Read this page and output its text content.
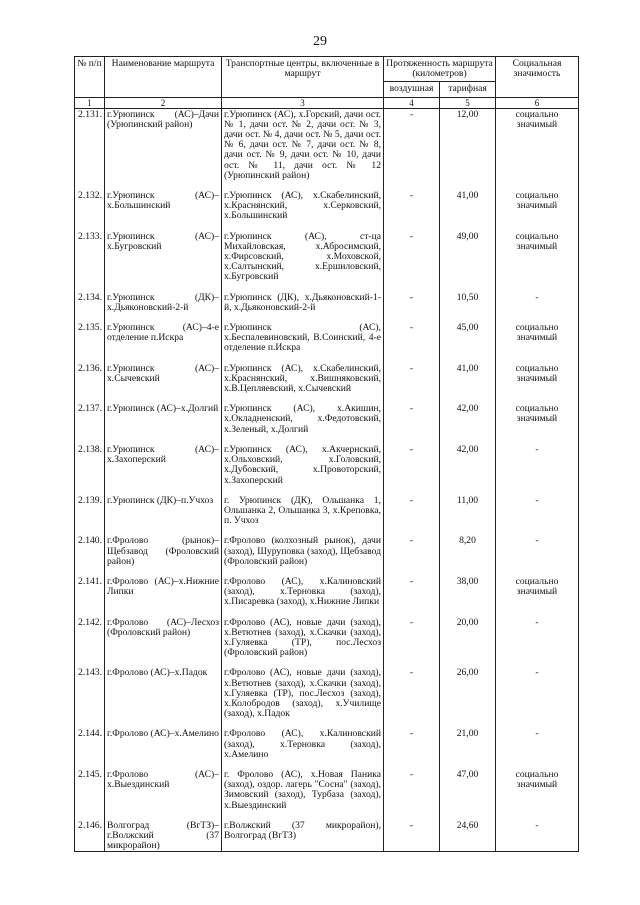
29
№ п/п	Наименование маршрута	Транспортные центры, включенные в маршрут	Протяженность маршрута (километров)		Социальная значимость
			воздушная	тарифная	
1	2	3	4	5	6
2.131.	г.Урюпинск (АС)–Дачи (Урюпинский район)	г.Урюпинск (АС), х.Горский, дачи ост. № 1, дачи ост. № 2, дачи ост. № 3, дачи ост. № 4, дачи ост. № 5, дачи ост. № 6, дачи ост. № 7, дачи ост. № 8, дачи ост. № 9, дачи ост. № 10, дачи ост. № 11, дачи ост. № 12 (Урюпинский район)	-	12,00	социально значимый

2.132.	г.Урюпинск (АС)–х.Большинский	г.Урюпинск (АС), х.Скабелинский, х.Краснянский, х.Серковский, х.Большинский	-	41,00	социально значимый

2.133.	г.Урюпинск (АС)–х.Бугровский	г.Урюпинск (АС), ст-ца Михайловская, х.Абросимский, х.Фирсовский, х.Моховской, х.Салтынский, х.Ершиловский, х.Бугровский	-	49,00	социально значимый

2.134.	г.Урюпинск (ДК)–х.Дьяконовский-2-й	г.Урюпинск (ДК), х.Дьяконовский-1-й, х.Дьяконовский-2-й	-	10,50	-

2.135.	г.Урюпинск (АС)–4-е отделение п.Искра	г.Урюпинск (АС), х.Беспалевиновский, В.Соинский, 4-е отделение п.Искра	-	45,00	социально значимый

2.136.	г.Урюпинск (АС)–х.Сычевский	г.Урюпинск (АС), х.Скабелинский, х.Краснянский, х.Вишняковский, х.В.Цепляевский, х.Сычевский	-	41,00	социально значимый

2.137.	г.Урюпинск (АС)–х.Долгий	г.Урюпинск (АС), х.Акишин, х.Окладненский, х.Федотовский, х.Зеленый, х.Долгий	-	42,00	социально значимый

2.138.	г.Урюпинск (АС)–х.Захоперский	г.Урюпинск (АС), х.Акчернский, х.Ольховский, х.Головский, х.Дубовский, х.Провоторский, х.Захоперский	-	42,00	-

2.139.	г.Урюпинск (ДК)–п.Учхоз	г. Урюпинск (ДК), Ольшанка 1, Ольшанка 2, Ольшанка 3, х.Креповка, п. Учхоз	-	11,00	-

2.140.	г.Фролово (рынок)–Щебзавод (Фроловский район)	г.Фролово (колхозный рынок), дачи (заход), Шуруповка (заход), Щебзавод (Фроловский район)	-	8,20	-

2.141.	г.Фролово (АС)–х.Нижние Липки	г.Фролово (АС), х.Калиновский (заход), х.Терновка (заход), х.Писаревка (заход), х.Нижние Липки	-	38,00	социально значимый

2.142.	г.Фролово (АС)–Лесхоз (Фроловский район)	г.Фролово (АС), новые дачи (заход), х.Ветютнев (заход), х.Скачки (заход), х.Гуляевка (ТР), пос.Лесхоз (Фроловский район)	-	20,00	-

2.143.	г.Фролово (АС)–х.Падок	г.Фролово (АС), новые дачи (заход), х.Ветютнев (заход), х.Скачки (заход), х.Гуляевка (ТР), пос.Лесхоз (заход), х.Колобродов (заход), х.Училище (заход), х.Падок	-	26,00	-

2.144.	г.Фролово (АС)–х.Амелино	г.Фролово (АС), х.Калиновский (заход), х.Терновка (заход), х.Амелино	-	21,00	-

2.145.	г.Фролово (АС)–х.Выездинский	г. Фролово (АС), х.Новая Паника (заход), оздор. лагерь "Сосна" (заход), Зимовский (заход), Турбаза (заход), х.Выездинский	-	47,00	социально значимый

2.146.	Волгоград (ВгТЗ)–г.Волжский (37 микрорайон)	г.Волжский (37 микрорайон), Волгоград (ВгТЗ)	-	24,60	-
